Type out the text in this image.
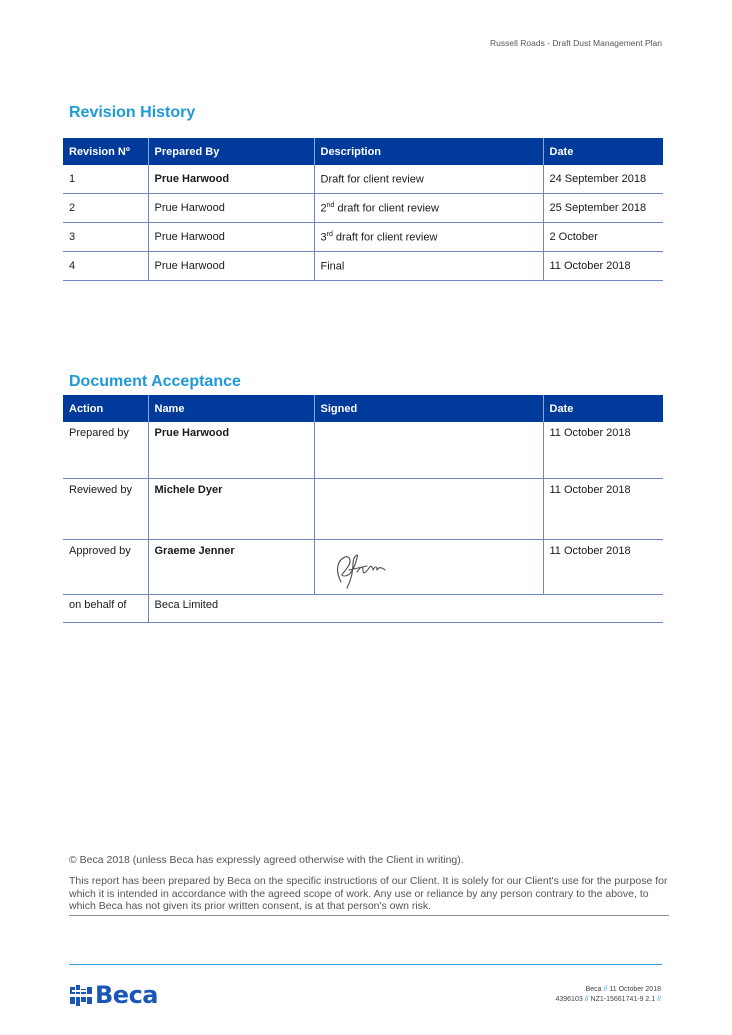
Russell Roads - Draft Dust Management Plan
Revision History
Revision Nº	Prepared By	Description	Date
1	Prue Harwood	Draft for client review	24 September 2018
2	Prue Harwood	2nd draft for client review	25 September 2018
3	Prue Harwood	3rd draft for client review	2 October
4	Prue Harwood	Final	11 October 2018
Document Acceptance
Action	Name	Signed	Date
Prepared by	Prue Harwood		11 October 2018
Reviewed by	Michele Dyer		11 October 2018
Approved by	Graeme Jenner		11 October 2018
on behalf of	Beca Limited		
© Beca 2018 (unless Beca has expressly agreed otherwise with the Client in writing).
This report has been prepared by Beca on the specific instructions of our Client. It is solely for our Client's use for the purpose for which it is intended in accordance with the agreed scope of work. Any use or reliance by any person contrary to the above, to which Beca has not given its prior written consent, is at that person's own risk.
Beca	Beca // 11 October 2018
4396103 // NZ1-15661741-9 2.1 //
